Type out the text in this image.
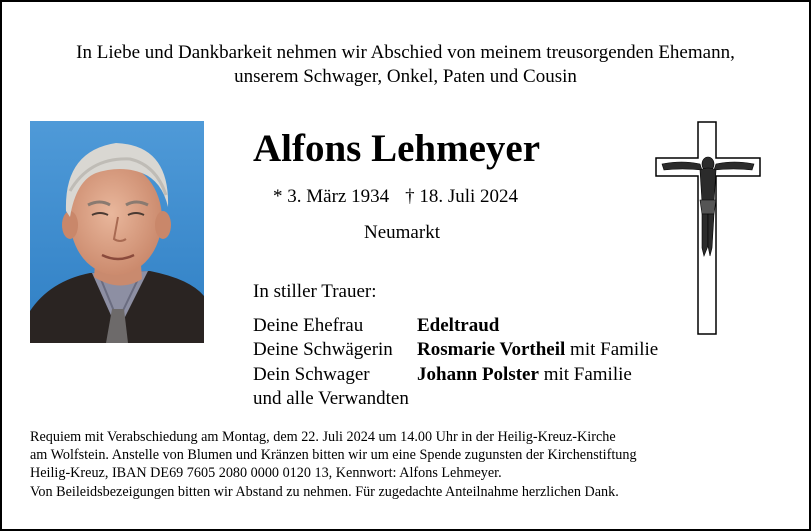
In Liebe und Dankbarkeit nehmen wir Abschied von meinem treusorgenden Ehemann,
unserem Schwager, Onkel, Paten und Cousin
Alfons Lehmeyer
* 3. März 1934 † 18. Juli 2024
Neumarkt
In stiller Trauer:
Deine Ehefrau	Edeltraud
Deine Schwägerin Rosmarie Vortheil mit Familie
Dein Schwager Johann Polster mit Familie
und alle Verwandten
Requiem mit Verabschiedung am Montag, dem 22. Juli 2024 um 14.00 Uhr in der Heilig-Kreuz-Kirche
am Wolfstein. Anstelle von Blumen und Kränzen bitten wir um eine Spende zugunsten der Kirchenstiftung
Heilig-Kreuz, IBAN DE69 7605 2080 0000 0120 13, Kennwort: Alfons Lehmeyer.
Von Beileidsbezeigungen bitten wir Abstand zu nehmen. Für zugedachte Anteilnahme herzlichen Dank.
